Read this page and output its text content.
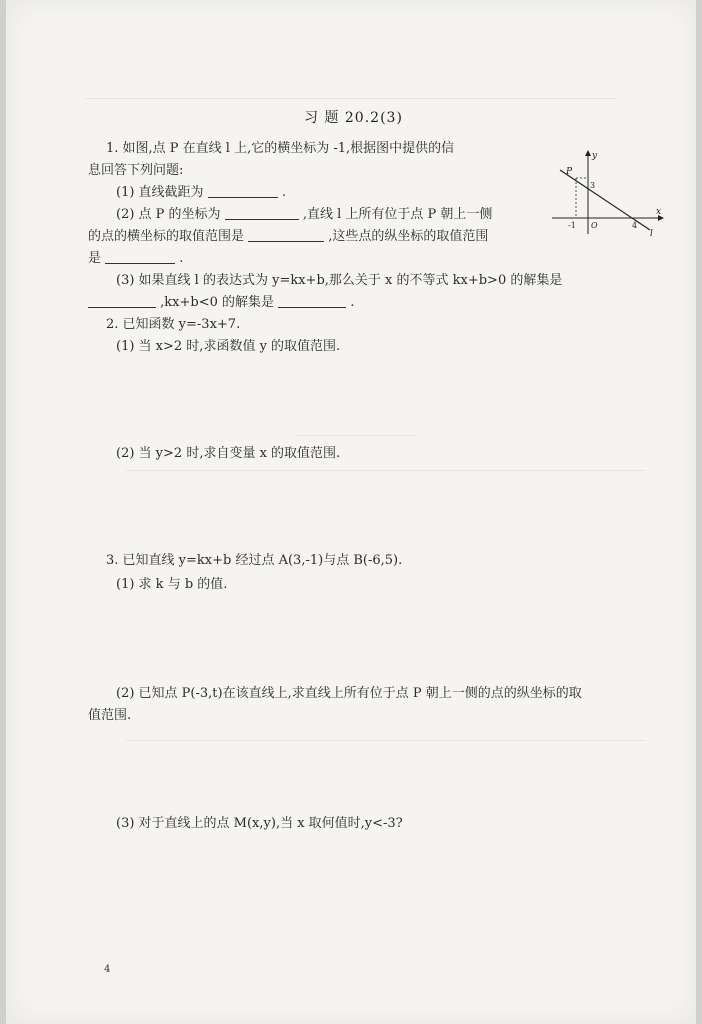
习 题 20.2(3)
1. 如图,点 P 在直线 l 上,它的横坐标为 -1,根据图中提供的信
息回答下列问题:
(1) 直线截距为	.
(2) 点 P 的坐标为	,直线 l 上所有位于点 P 朝上一侧
的点的横坐标的取值范围是	,这些点的纵坐标的取值范围
是	.
(3) 如果直线 l 的表达式为 y=kx+b,那么关于 x 的不等式 kx+b>0 的解集是
,kx+b<0 的解集是	.
y
x
P
3
-1 O	4
l
2. 已知函数 y=-3x+7.
(1) 当 x>2 时,求函数值 y 的取值范围.
(2) 当 y>2 时,求自变量 x 的取值范围.
3. 已知直线 y=kx+b 经过点 A(3,-1)与点 B(-6,5).
(1) 求 k 与 b 的值.
(2) 已知点 P(-3,t)在该直线上,求直线上所有位于点 P 朝上一侧的点的纵坐标的取
值范围.
(3) 对于直线上的点 M(x,y),当 x 取何值时,y<-3?
4
